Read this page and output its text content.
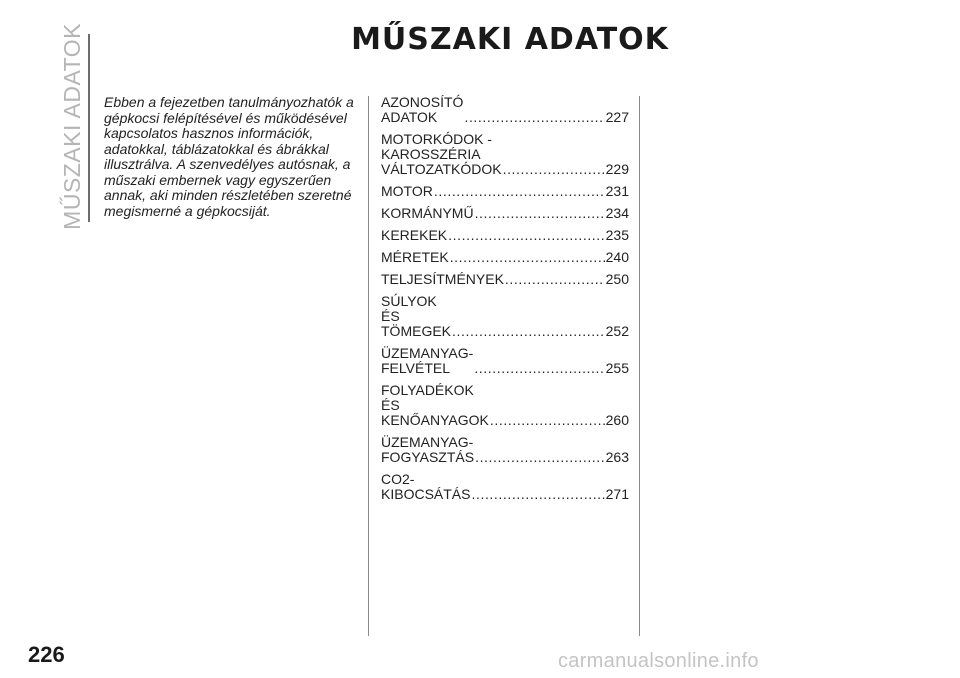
MŰSZAKI ADATOK	MŰSZAKI ADATOK

Ebben a fejezetben tanulmányozhatók a gépkocsi felépítésével és működésével kapcsolatos hasznos információk, adatokkal, táblázatokkal és ábrákkal illusztrálva. A szenvedélyes autósnak, a műszaki embernek vagy egyszerűen annak, aki minden részletében szeretné megismerné a gépkocsiját.

AZONOSÍTÓ ADATOK .....	227
MOTORKÓDOK - KAROSSZÉRIA VÁLTOZATKÓDOK .....	229
MOTOR .....	231
KORMÁNYMŰ .....	234
KEREKEK .....	235
MÉRETEK .....	240
TELJESÍTMÉNYEK .....	250
SÚLYOK ÉS TÖMEGEK .....	252
ÜZEMANYAG-FELVÉTEL .....	255
FOLYADÉKOK ÉS KENŐANYAGOK .....	260
ÜZEMANYAG-FOGYASZTÁS .....	263
CO2-KIBOCSÁTÁS .....	271
226	carmanualsonline.info
